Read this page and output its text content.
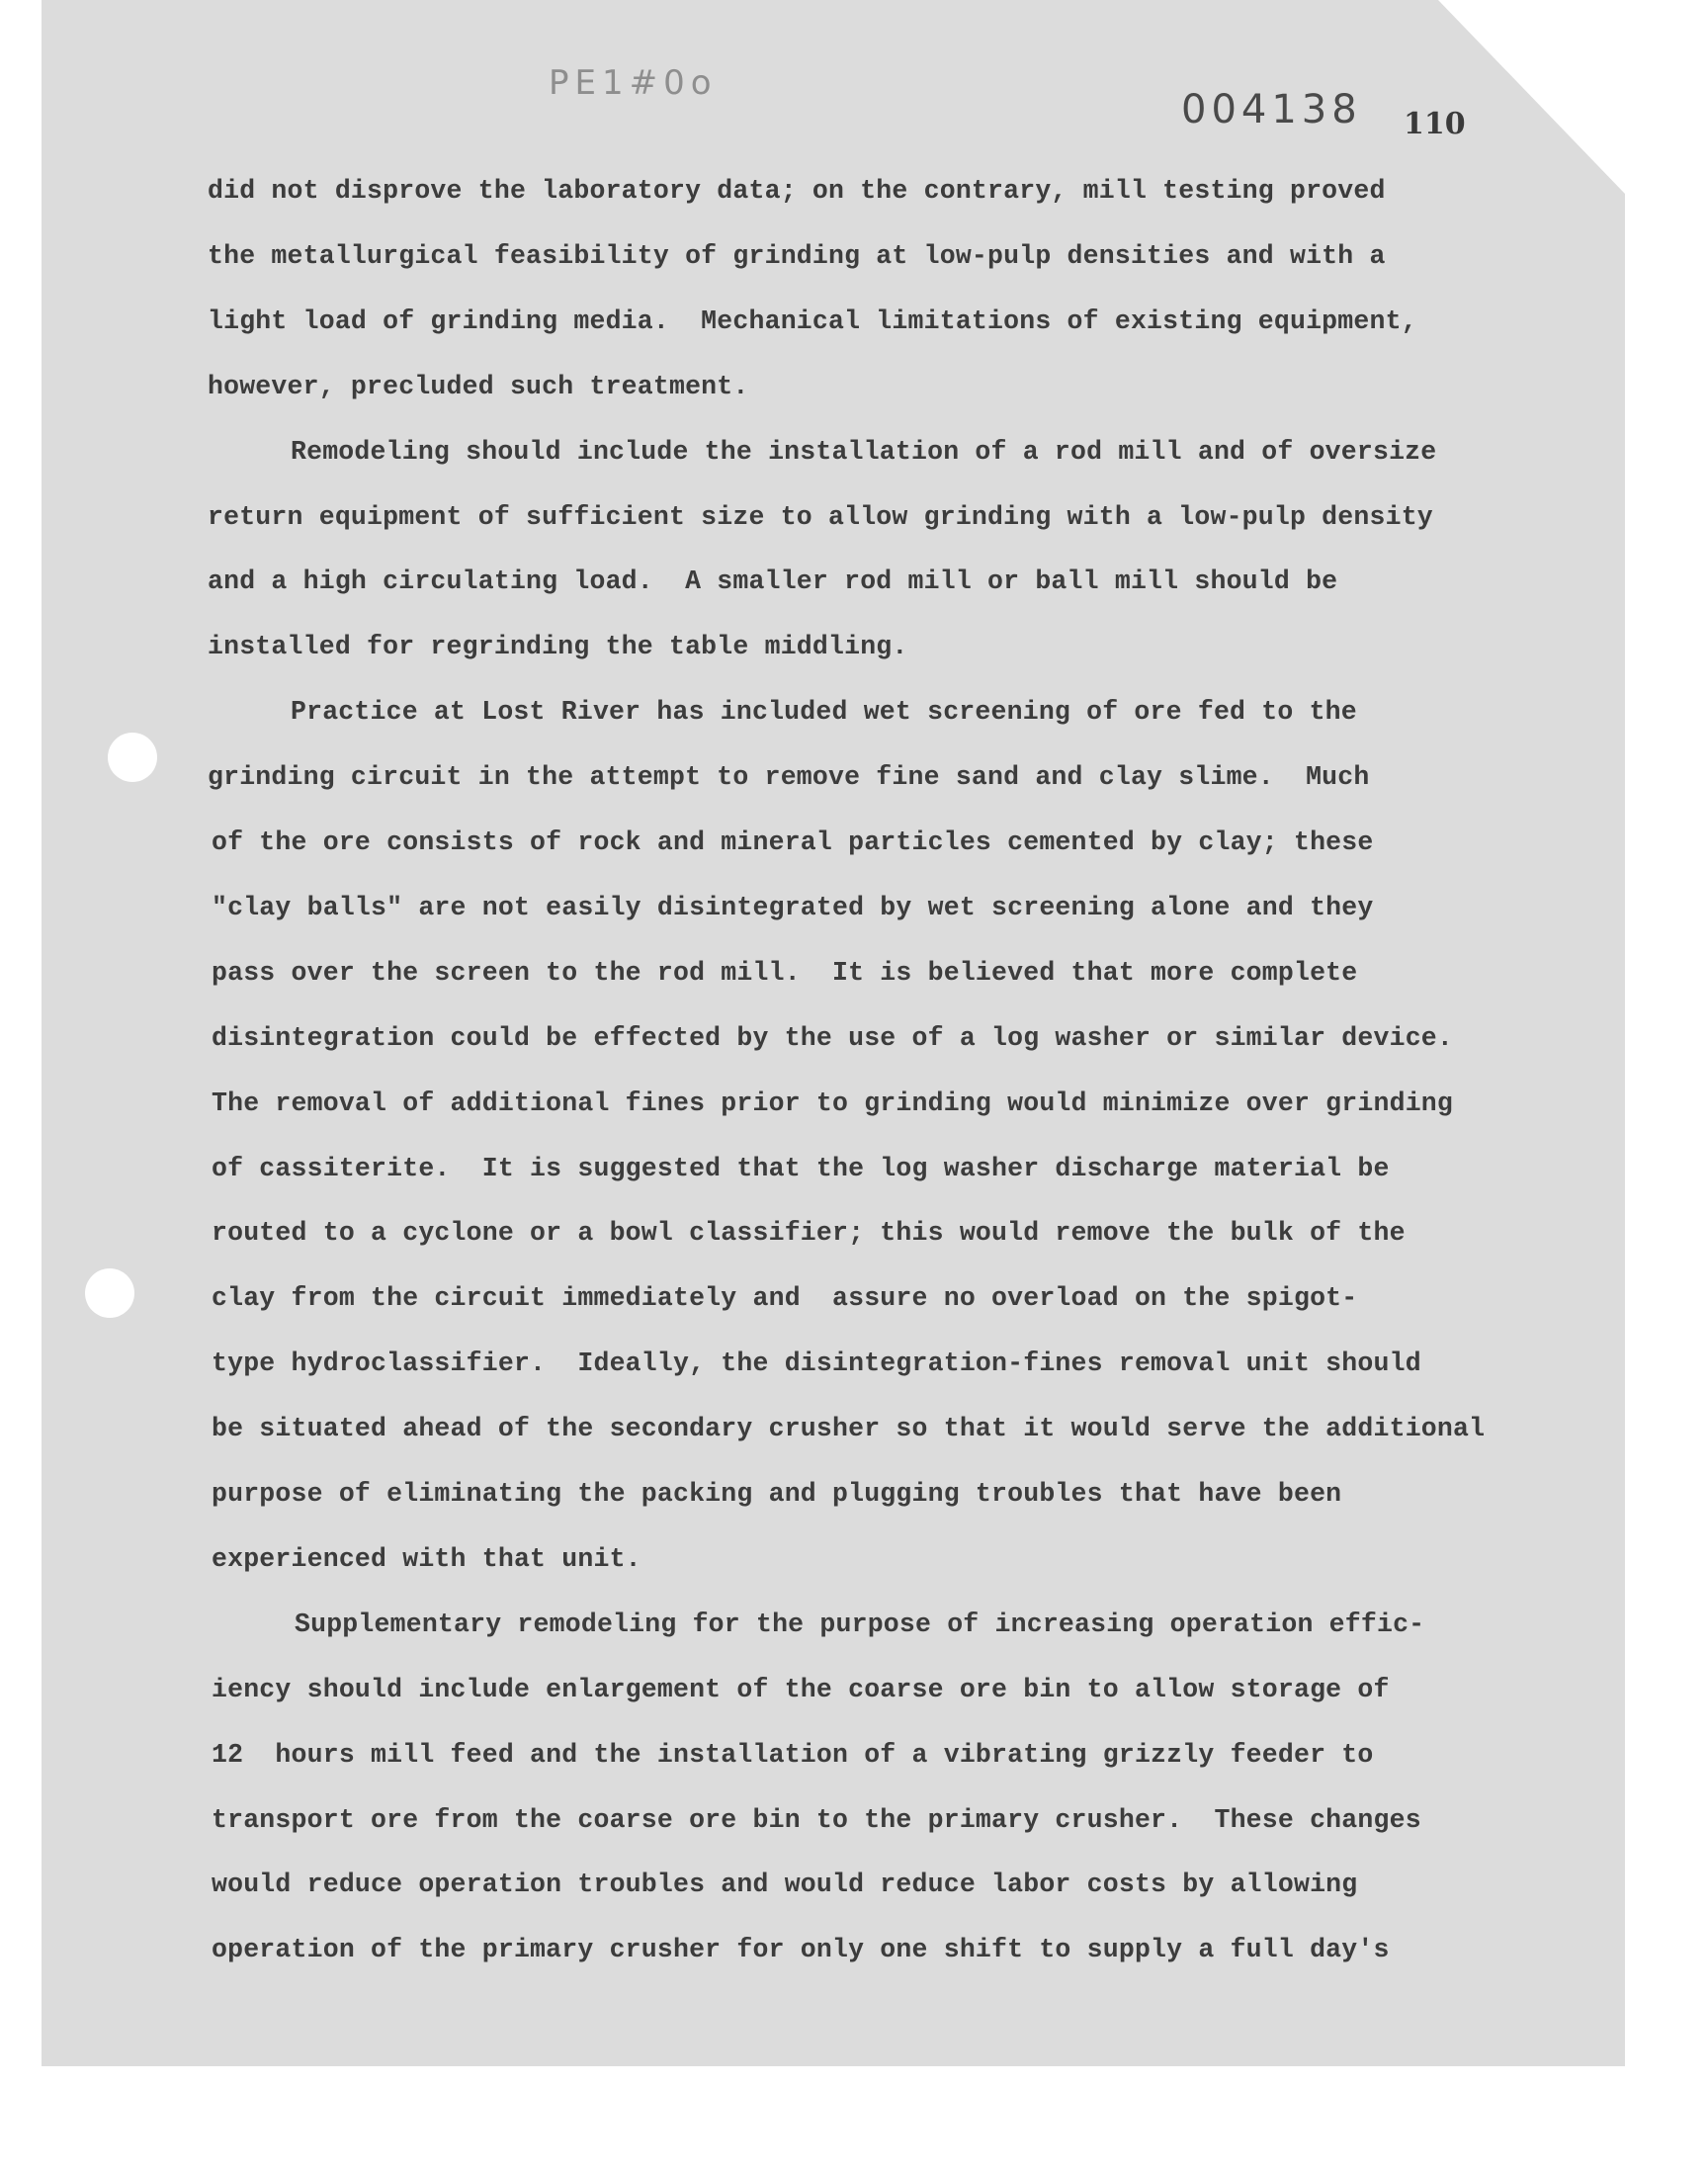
PE1#0o
004138 110
did not disprove the laboratory data; on the contrary, mill testing proved
the metallurgical feasibility of grinding at low-pulp densities and with a
light load of grinding media.  Mechanical limitations of existing equipment,
however, precluded such treatment.
Remodeling should include the installation of a rod mill and of oversize
return equipment of sufficient size to allow grinding with a low-pulp density
and a high circulating load.  A smaller rod mill or ball mill should be
installed for regrinding the table middling.
Practice at Lost River has included wet screening of ore fed to the
grinding circuit in the attempt to remove fine sand and clay slime.  Much
of the ore consists of rock and mineral particles cemented by clay; these
"clay balls" are not easily disintegrated by wet screening alone and they
pass over the screen to the rod mill.  It is believed that more complete
disintegration could be effected by the use of a log washer or similar device.
The removal of additional fines prior to grinding would minimize over grinding
of cassiterite.  It is suggested that the log washer discharge material be
routed to a cyclone or a bowl classifier; this would remove the bulk of the
clay from the circuit immediately and  assure no overload on the spigot-
type hydroclassifier.  Ideally, the disintegration-fines removal unit should
be situated ahead of the secondary crusher so that it would serve the additional
purpose of eliminating the packing and plugging troubles that have been
experienced with that unit.
Supplementary remodeling for the purpose of increasing operation effic-
iency should include enlargement of the coarse ore bin to allow storage of
12  hours mill feed and the installation of a vibrating grizzly feeder to
transport ore from the coarse ore bin to the primary crusher.  These changes
would reduce operation troubles and would reduce labor costs by allowing
operation of the primary crusher for only one shift to supply a full day's
